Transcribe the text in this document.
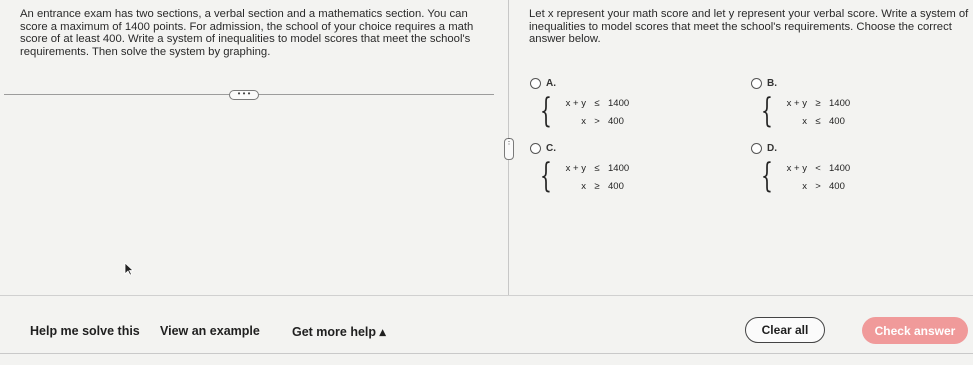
An entrance exam has two sections, a verbal section and a mathematics section. You can score a maximum of 1400 points. For admission, the school of your choice requires a math score of at least 400. Write a system of inequalities to model scores that meet the school's requirements. Then solve the system by graphing.
• • •
⋮
Let x represent your math score and let y represent your verbal score. Write a system of inequalities to model scores that meet the school's requirements. Choose the correct answer below.
A.
{	x + y ≤ 1400
x > 400
B.
{	x + y ≥ 1400
x ≤ 400
C.
{	x + y ≤ 1400
x ≥ 400
D.
{	x + y < 1400
x > 400
Help me solve this View an example	Get more help ▴	Clear all	Check answer
